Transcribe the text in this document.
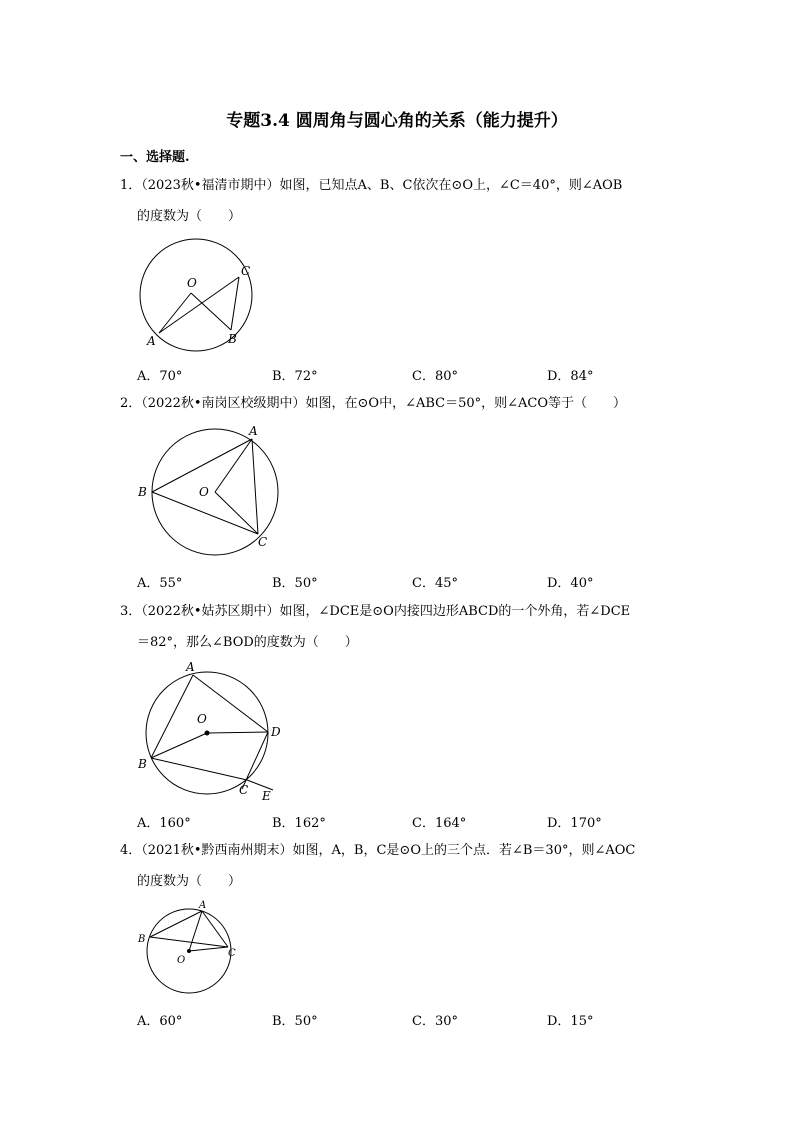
专题3.4 圆周角与圆心角的关系（能力提升）
一、选择题.
1．（2023秋•福清市期中）如图，已知点A、B、C依次在⊙O上，∠C＝40°，则∠AOB
的度数为（　　）
O
A	B
C
A．70°	B．72°	C．80°	D．84°
2．（2022秋•南岗区校级期中）如图，在⊙O中，∠ABC＝50°，则∠ACO等于（　　）
A
B	O
C
A．55°	B．50°	C．45°	D．40°
3．（2022秋•姑苏区期中）如图，∠DCE是⊙O内接四边形ABCD的一个外角，若∠DCE
＝82°，那么∠BOD的度数为（　　）
A
O
D
B
C E
A．160°	B．162°	C．164°	D．170°
4．（2021秋•黔西南州期末）如图，A，B，C是⊙O上的三个点．若∠B＝30°，则∠AOC
的度数为（　　）
A
B
C
O
A．60°	B．50°	C．30°	D．15°
